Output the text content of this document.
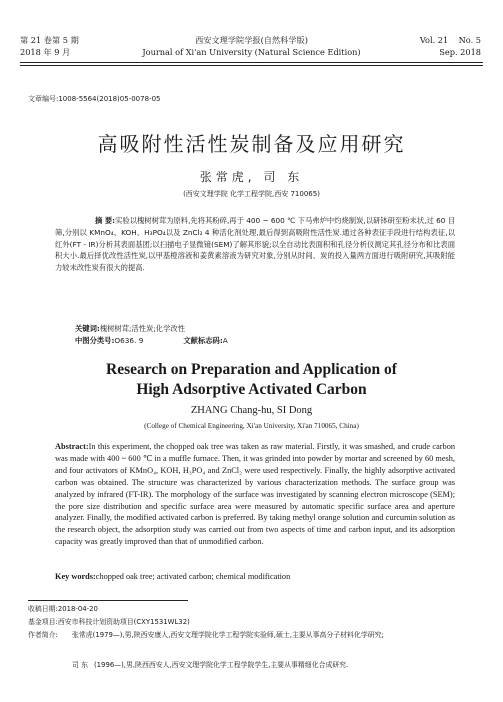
第 21 卷第 5 期
2018 年 9 月
西安文理学院学报(自然科学版)
Journal of Xi'an University (Natural Science Edition)
Vol. 21    No. 5
Sep. 2018
文章编号:1008-5564(2018)05-0078-05
高吸附性活性炭制备及应用研究
张常虎, 司 东
(西安文理学院 化学工程学院,西安 710065)
摘 要:实验以槐树树茸为原料,先将其粉碎,再于 400 ~ 600 ℃ 下马弗炉中灼烧制炭,以研钵研至粉末状,过 60 目筛,分别以 KMnO₄、KOH、H₃PO₄以及 ZnCl₂ 4 种活化剂处理,最后得到高吸附性活性炭.通过各种表征手段进行结构表征,以红外(FT - IR)分析其表面基团;以扫描电子显微镜(SEM)了解其形貌;以全自动比表面积和孔径分析仪测定其孔径分布和比表面积大小.最后择优改性活性炭,以甲基橙溶液和姜黄素溶液为研究对象,分别从时间、炭的投入量两方面进行吸附研究,其吸附能力较未改性炭有很大的提高.
关键词:槐树树茸;活性炭;化学改性
中图分类号:O636. 9	文献标志码:A
Research on Preparation and Application of
High Adsorptive Activated Carbon
ZHANG Chang-hu, SI Dong
(College of Chemical Engineering, Xi'an University, Xi'an 710065, China)
Abstract:In this experiment, the chopped oak tree was taken as raw material. Firstly, it was smashed, and crude carbon was made with 400 ~ 600 ℃ in a muffle furnace. Then, it was grinded into powder by mortar and screened by 60 mesh, and four activators of KMnO₄, KOH, H₃PO₄ and ZnCl₂ were used respectively. Finally, the highly adsorptive activated carbon was obtained. The structure was characterized by various characterization methods. The surface group was analyzed by infrared (FT-IR). The morphology of the surface was investigated by scanning electron microscope (SEM); the pore size distribution and specific surface area were measured by automatic specific surface area and aperture analyzer. Finally, the modified activated carbon is preferred. By taking methyl orange solution and curcumin solution as the research object, the adsorption study was carried out from two aspects of time and carbon input, and its adsorption capacity was greatly improved than that of unmodified carbon.
Key words:chopped oak tree; activated carbon; chemical modification
收稿日期:2018-04-20
基金项目:西安市科技计划资助项目(CXY1531WL32)
作者简介: 张常虎(1979—),男,陕西安康人,西安文理学院化学工程学院实验师,硕士,主要从事高分子材料化学研究;
司 东 (1996—),男,陕西西安人,西安文理学院化学工程学院学生,主要从事精细化合成研究.
